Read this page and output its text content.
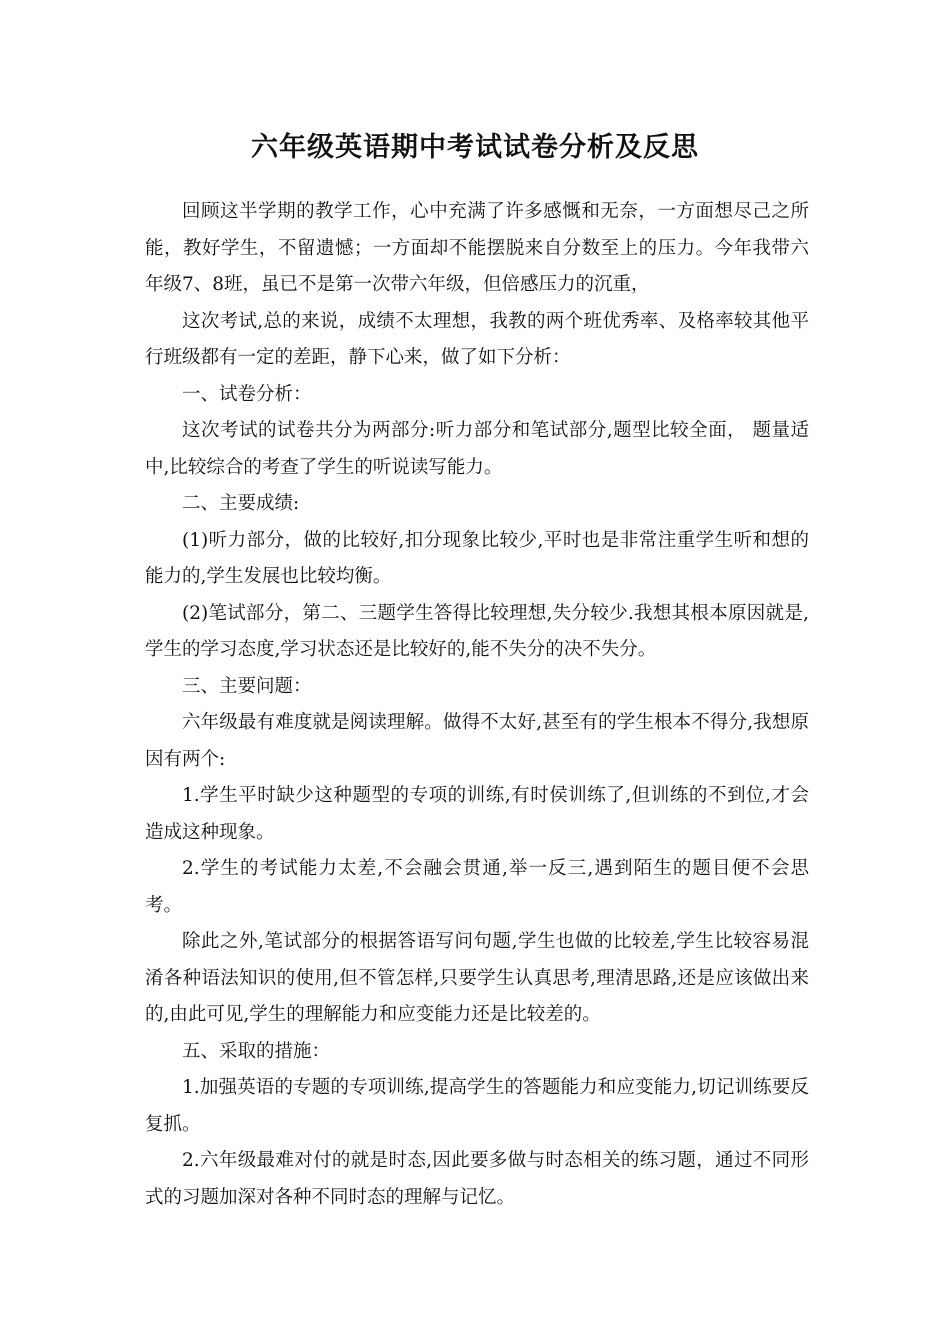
六年级英语期中考试试卷分析及反思

回顾这半学期的教学工作，心中充满了许多感慨和无奈，一方面想尽己之所能，教好学生，不留遗憾；一方面却不能摆脱来自分数至上的压力。今年我带六年级7、8班，虽已不是第一次带六年级，但倍感压力的沉重，

这次考试,总的来说，成绩不太理想，我教的两个班优秀率、及格率较其他平行班级都有一定的差距，静下心来，做了如下分析：

一、试卷分析：

这次考试的试卷共分为两部分:听力部分和笔试部分,题型比较全面， 题量适中,比较综合的考查了学生的听说读写能力。

二、主要成绩:

(1)听力部分，做的比较好,扣分现象比较少,平时也是非常注重学生听和想的能力的,学生发展也比较均衡。

(2)笔试部分，第二、三题学生答得比较理想,失分较少.我想其根本原因就是,学生的学习态度,学习状态还是比较好的,能不失分的决不失分。

三、主要问题：

六年级最有难度就是阅读理解。做得不太好,甚至有的学生根本不得分,我想原因有两个:

1.学生平时缺少这种题型的专项的训练,有时侯训练了,但训练的不到位,才会造成这种现象。

2.学生的考试能力太差,不会融会贯通,举一反三,遇到陌生的题目便不会思考。

除此之外,笔试部分的根据答语写问句题,学生也做的比较差,学生比较容易混淆各种语法知识的使用,但不管怎样,只要学生认真思考,理清思路,还是应该做出来的,由此可见,学生的理解能力和应变能力还是比较差的。

五、采取的措施：

1.加强英语的专题的专项训练,提高学生的答题能力和应变能力,切记训练要反复抓。

2.六年级最难对付的就是时态,因此要多做与时态相关的练习题，通过不同形式的习题加深对各种不同时态的理解与记忆。
